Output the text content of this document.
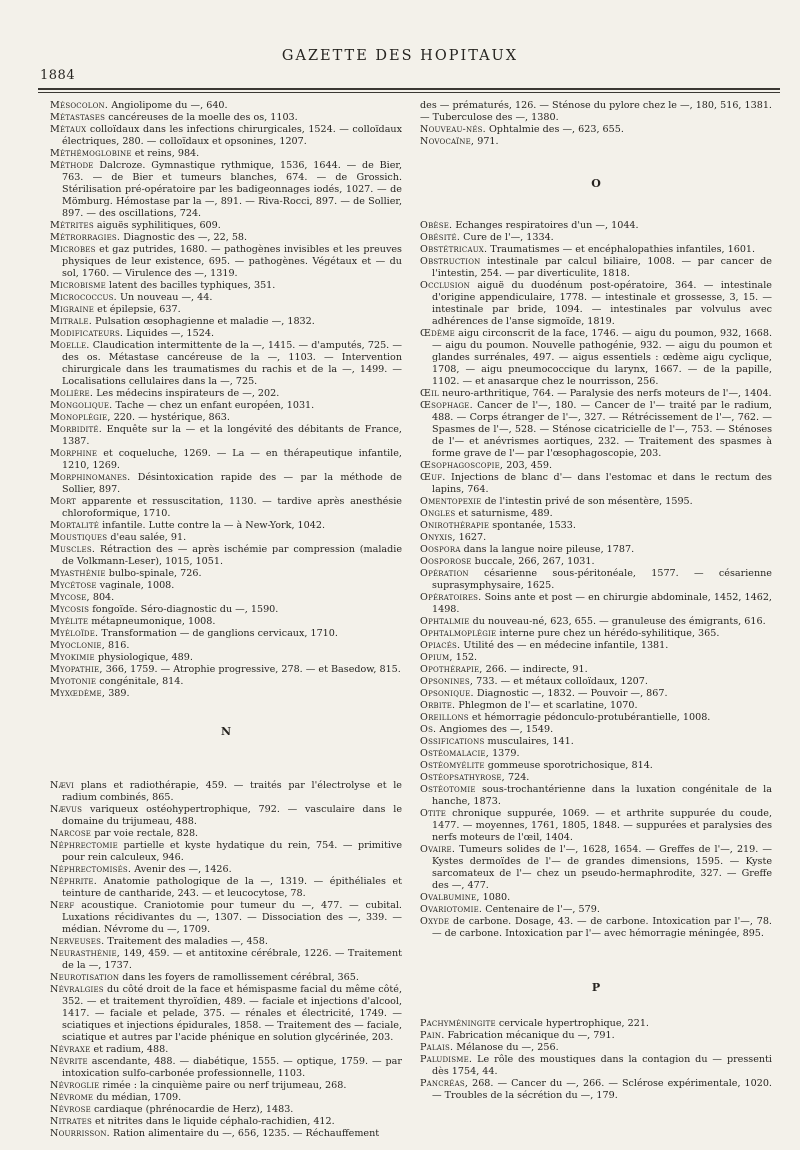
1884
GAZETTE DES HOPITAUX

Mésocolon. Angiolipome du —, 640.

Métastases cancéreuses de la moelle des os, 1103.

Métaux colloïdaux dans les infections chirurgicales, 1524. — colloïdaux électriques, 280. — colloïdaux et opsonines, 1207.

Méthémoglobine et reins, 984.

Méthode Dalcroze. Gymnastique rythmique, 1536, 1644. — de Bier, 763. — de Bier et tumeurs blanches, 674. — de Grossich. Stérilisation pré-opératoire par les badigeonnages iodés, 1027. — de Mömburg. Hémostase par la —, 891. — Riva-Rocci, 897. — de Sollier, 897. — des oscillations, 724.

Métrites aiguës syphilitiques, 609.

Métrorragies. Diagnostic des —, 22, 58.

Microbes et gaz putrides, 1680. — pathogènes invisibles et les preuves physiques de leur existence, 695. — pathogènes. Végétaux et — du sol, 1760. — Virulence des —, 1319.

Microbisme latent des bacilles typhiques, 351.

Micrococcus. Un nouveau —, 44.

Migraine et épilepsie, 637.

Mitrale. Pulsation œsophagienne et maladie —, 1832.

Modificateurs. Liquides —, 1524.

Moelle. Claudication intermittente de la —, 1415. — d'amputés, 725. — des os. Métastase cancéreuse de la —, 1103. — Intervention chirurgicale dans les traumatismes du rachis et de la —, 1499. — Localisations cellulaires dans la —, 725.

Molière. Les médecins inspirateurs de —, 202.

Mongolique. Tache — chez un enfant européen, 1031.

Monoplégie, 220. — hystérique, 863.

Morbidité. Enquête sur la — et la longévité des débitants de France, 1387.

Morphine et coqueluche, 1269. — La — en thérapeutique infantile, 1210, 1269.

Morphinomanes. Désintoxication rapide des — par la méthode de Sollier, 897.

Mort apparente et ressuscitation, 1130. — tardive après anesthésie chloroformique, 1710.

Mortalité infantile. Lutte contre la — à New-York, 1042.

Moustiques d'eau salée, 91.

Muscles. Rétraction des — après ischémie par compression (maladie de Volkmann-Leser), 1015, 1051.

Myasthénie bulbo-spinale, 726.

Mycétose vaginale, 1008.

Mycose, 804.

Mycosis fongoïde. Séro-diagnostic du —, 1590.

Myélite métapneumonique, 1008.

Myéloïde. Transformation — de ganglions cervicaux, 1710.

Myoclonie, 816.

Myokimie physiologique, 489.

Myopathie, 366, 1759. — Atrophie progressive, 278. — et Basedow, 815.

Myotonie congénitale, 814.

Myxœdème, 389.

N

Nævi plans et radiothérapie, 459. — traités par l'électrolyse et le radium combinés, 865.

Nævus variqueux ostéohypertrophique, 792. — vasculaire dans le domaine du trijumeau, 488.

Narcose par voie rectale, 828.

Néphrectomie partielle et kyste hydatique du rein, 754. — primitive pour rein calculeux, 946.

Néphrectomisés. Avenir des —, 1426.

Néphrite. Anatomie pathologique de la —, 1319. — épithéliales et teinture de cantharide, 243. — et leucocytose, 78.

Nerf acoustique. Craniotomie pour tumeur du —, 477. — cubital. Luxations récidivantes du —, 1307. — Dissociation des —, 339. — médian. Névrome du —, 1709.

Nerveuses. Traitement des maladies —, 458.

Neurasthénie, 149, 459. — et antitoxine cérébrale, 1226. — Traitement de la —, 1737.

Neurotisation dans les foyers de ramollissement cérébral, 365.

Névralgies du côté droit de la face et hémispasme facial du même côté, 352. — et traitement thyroïdien, 489. — faciale et injections d'alcool, 1417. — faciale et pelade, 375. — rénales et électricité, 1749. — sciatiques et injections épidurales, 1858. — Traitement des — faciale, sciatique et autres par l'acide phénique en solution glycérinée, 203.

Névraxe et radium, 488.

Névrite ascendante, 488. — diabétique, 1555. — optique, 1759. — par intoxication sulfo-carbonée professionnelle, 1103.

Névroglie rimée : la cinquième paire ou nerf trijumeau, 268.

Névrome du médian, 1709.

Névrose cardiaque (phrénocardie de Herz), 1483.

Nitrates et nitrites dans le liquide céphalo-rachidien, 412.

Nourrisson. Ration alimentaire du —, 656, 1235. — Réchauffement

des — prématurés, 126. — Sténose du pylore chez le —, 180, 516, 1381. — Tuberculose des —, 1380.

Nouveau-nés. Ophtalmie des —, 623, 655.

Novocaïne, 971.

O

Obèse. Echanges respiratoires d'un —, 1044.

Obésité. Cure de l'—, 1334.

Obstétricaux. Traumatismes — et encéphalopathies infantiles, 1601.

Obstruction intestinale par calcul biliaire, 1008. — par cancer de l'intestin, 254. — par diverticulite, 1818.

Occlusion aiguë du duodénum post-opératoire, 364. — intestinale d'origine appendiculaire, 1778. — intestinale et grossesse, 3, 15. — intestinale par bride, 1094. — intestinales par volvulus avec adhérences de l'anse sigmoïde, 1819.

Œdème aigu circonscrit de la face, 1746. — aigu du poumon, 932, 1668. — aigu du poumon. Nouvelle pathogénie, 932. — aigu du poumon et glandes surrénales, 497. — aigus essentiels : œdème aigu cyclique, 1708, — aigu pneumococcique du larynx, 1667. — de la papille, 1102. — et anasarque chez le nourrisson, 256.

Œil neuro-arthritique, 764. — Paralysie des nerfs moteurs de l'—, 1404.

Œsophage. Cancer de l'—, 180. — Cancer de l'— traité par le radium, 488. — Corps étranger de l'—, 327. — Rétrécissement de l'—, 762. — Spasmes de l'—, 528. — Sténose cicatricielle de l'—, 753. — Sténoses de l'— et anévrismes aortiques, 232. — Traitement des spasmes à forme grave de l'— par l'œsophagoscopie, 203.

Œsophagoscopie, 203, 459.

Œuf. Injections de blanc d'— dans l'estomac et dans le rectum des lapins, 764.

Omentopexie de l'intestin privé de son mésentère, 1595.

Ongles et saturnisme, 489.

Onirothérapie spontanée, 1533.

Onyxis, 1627.

Oospora dans la langue noire pileuse, 1787.

Oosporose buccale, 266, 267, 1031.

Opération césarienne sous-péritonéale, 1577. — césarienne suprasymphysaire, 1625.

Opératoires. Soins ante et post — en chirurgie abdominale, 1452, 1462, 1498.

Ophtalmie du nouveau-né, 623, 655. — granuleuse des émigrants, 616.

Ophtalmoplégie interne pure chez un hérédo-syhilitique, 365.

Opiacés. Utilité des — en médecine infantile, 1381.

Opium, 152.

Opothérapie, 266. — indirecte, 91.

Opsonines, 733. — et métaux colloïdaux, 1207.

Opsonique. Diagnostic —, 1832. — Pouvoir —, 867.

Orbite. Phlegmon de l'— et scarlatine, 1070.

Oreillons et hémorragie pédonculo-protubérantielle, 1008.

Os. Angiomes des —, 1549.

Ossifications musculaires, 141.

Ostéomalacie, 1379.

Ostéomyélite gommeuse sporotrichosique, 814.

Ostéopsathyrose, 724.

Ostéotomie sous-trochantérienne dans la luxation congénitale de la hanche, 1873.

Otite chronique suppurée, 1069. — et arthrite suppurée du coude, 1477. — moyennes, 1761, 1805, 1848. — suppurées et paralysies des nerfs moteurs de l'œil, 1404.

Ovaire. Tumeurs solides de l'—, 1628, 1654. — Greffes de l'—, 219. — Kystes dermoïdes de l'— de grandes dimensions, 1595. — Kyste sarcomateux de l'— chez un pseudo-hermaphrodite, 327. — Greffe des —, 477.

Ovalbumine, 1080.

Ovariotomie. Centenaire de l'—, 579.

Oxyde de carbone. Dosage, 43. — de carbone. Intoxication par l'—, 78. — de carbone. Intoxication par l'— avec hémorragie méningée, 895.

P

Pachyméningite cervicale hypertrophique, 221.

Pain. Fabrication mécanique du —, 791.

Palais. Mélanose du —, 256.

Paludisme. Le rôle des moustiques dans la contagion du — pressenti dès 1754, 44.

Pancréas, 268. — Cancer du —, 266. — Sclérose expérimentale, 1020. — Troubles de la sécrétion du —, 179.
